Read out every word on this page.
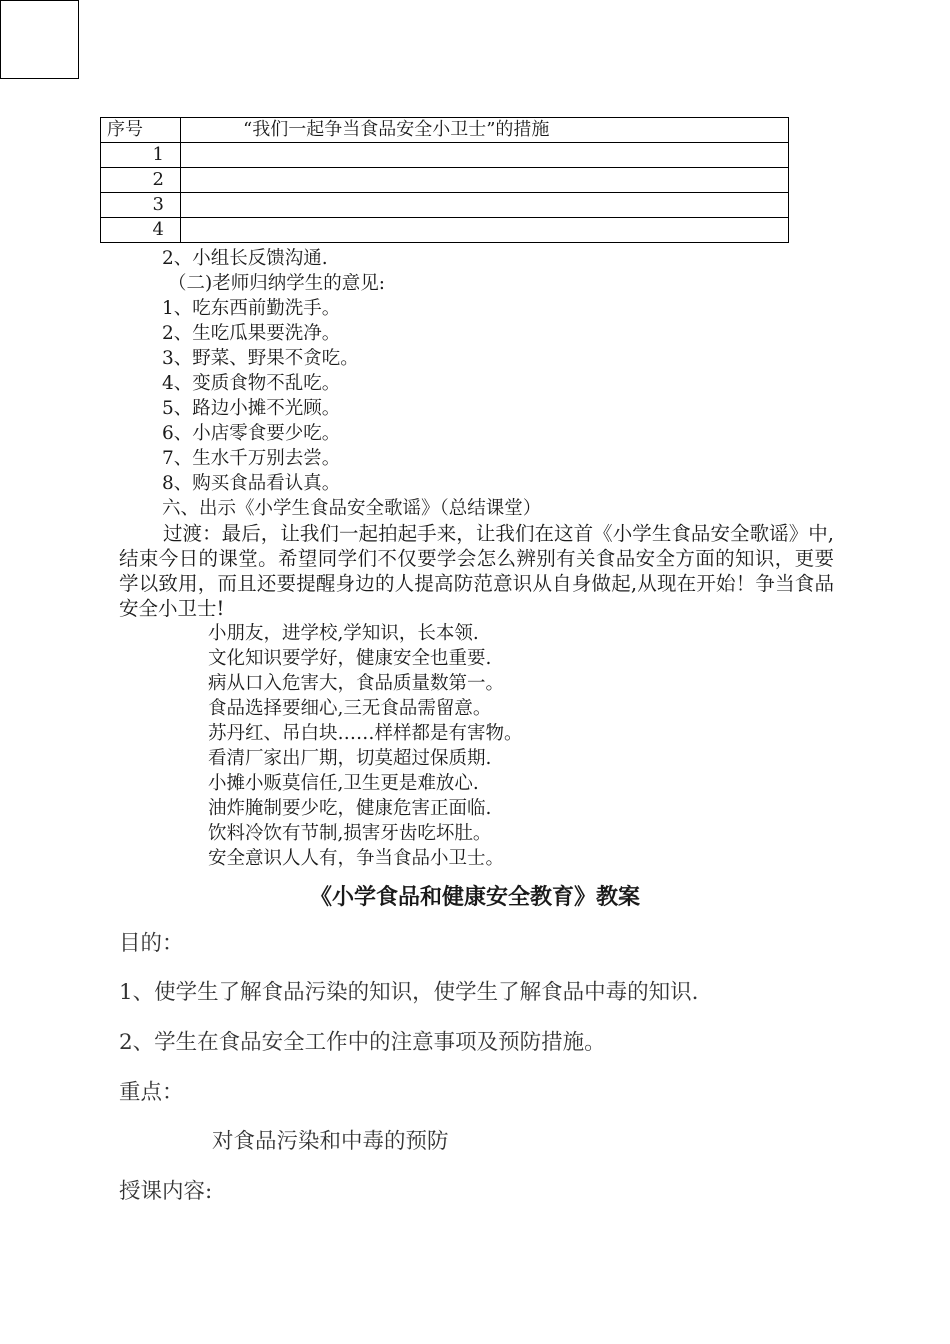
序号	“我们一起争当食品安全小卫士”的措施
1	
2	
3	
4	
2、小组长反馈沟通.
（二)老师归纳学生的意见:
1、吃东西前勤洗手。
2、生吃瓜果要洗净。
3、野菜、野果不贪吃。
4、变质食物不乱吃。
5、路边小摊不光顾。
6、小店零食要少吃。
7、生水千万别去尝。
8、购买食品看认真。
六、出示《小学生食品安全歌谣》（总结课堂）
过渡：最后，让我们一起拍起手来，让我们在这首《小学生食品安全歌谣》中,结束今日的课堂。希望同学们不仅要学会怎么辨别有关食品安全方面的知识，更要学以致用，而且还要提醒身边的人提高防范意识从自身做起,从现在开始！争当食品安全小卫士!
小朋友，进学校,学知识，长本领.
文化知识要学好，健康安全也重要.
病从口入危害大，食品质量数第一。
食品选择要细心,三无食品需留意。
苏丹红、吊白块……样样都是有害物。
看清厂家出厂期，切莫超过保质期.
小摊小贩莫信任,卫生更是难放心.
油炸腌制要少吃，健康危害正面临.
饮料冷饮有节制,损害牙齿吃坏肚。
安全意识人人有，争当食品小卫士。
《小学食品和健康安全教育》教案
目的：
1、使学生了解食品污染的知识，使学生了解食品中毒的知识.
2、学生在食品安全工作中的注意事项及预防措施。
重点：
对食品污染和中毒的预防
授课内容:
